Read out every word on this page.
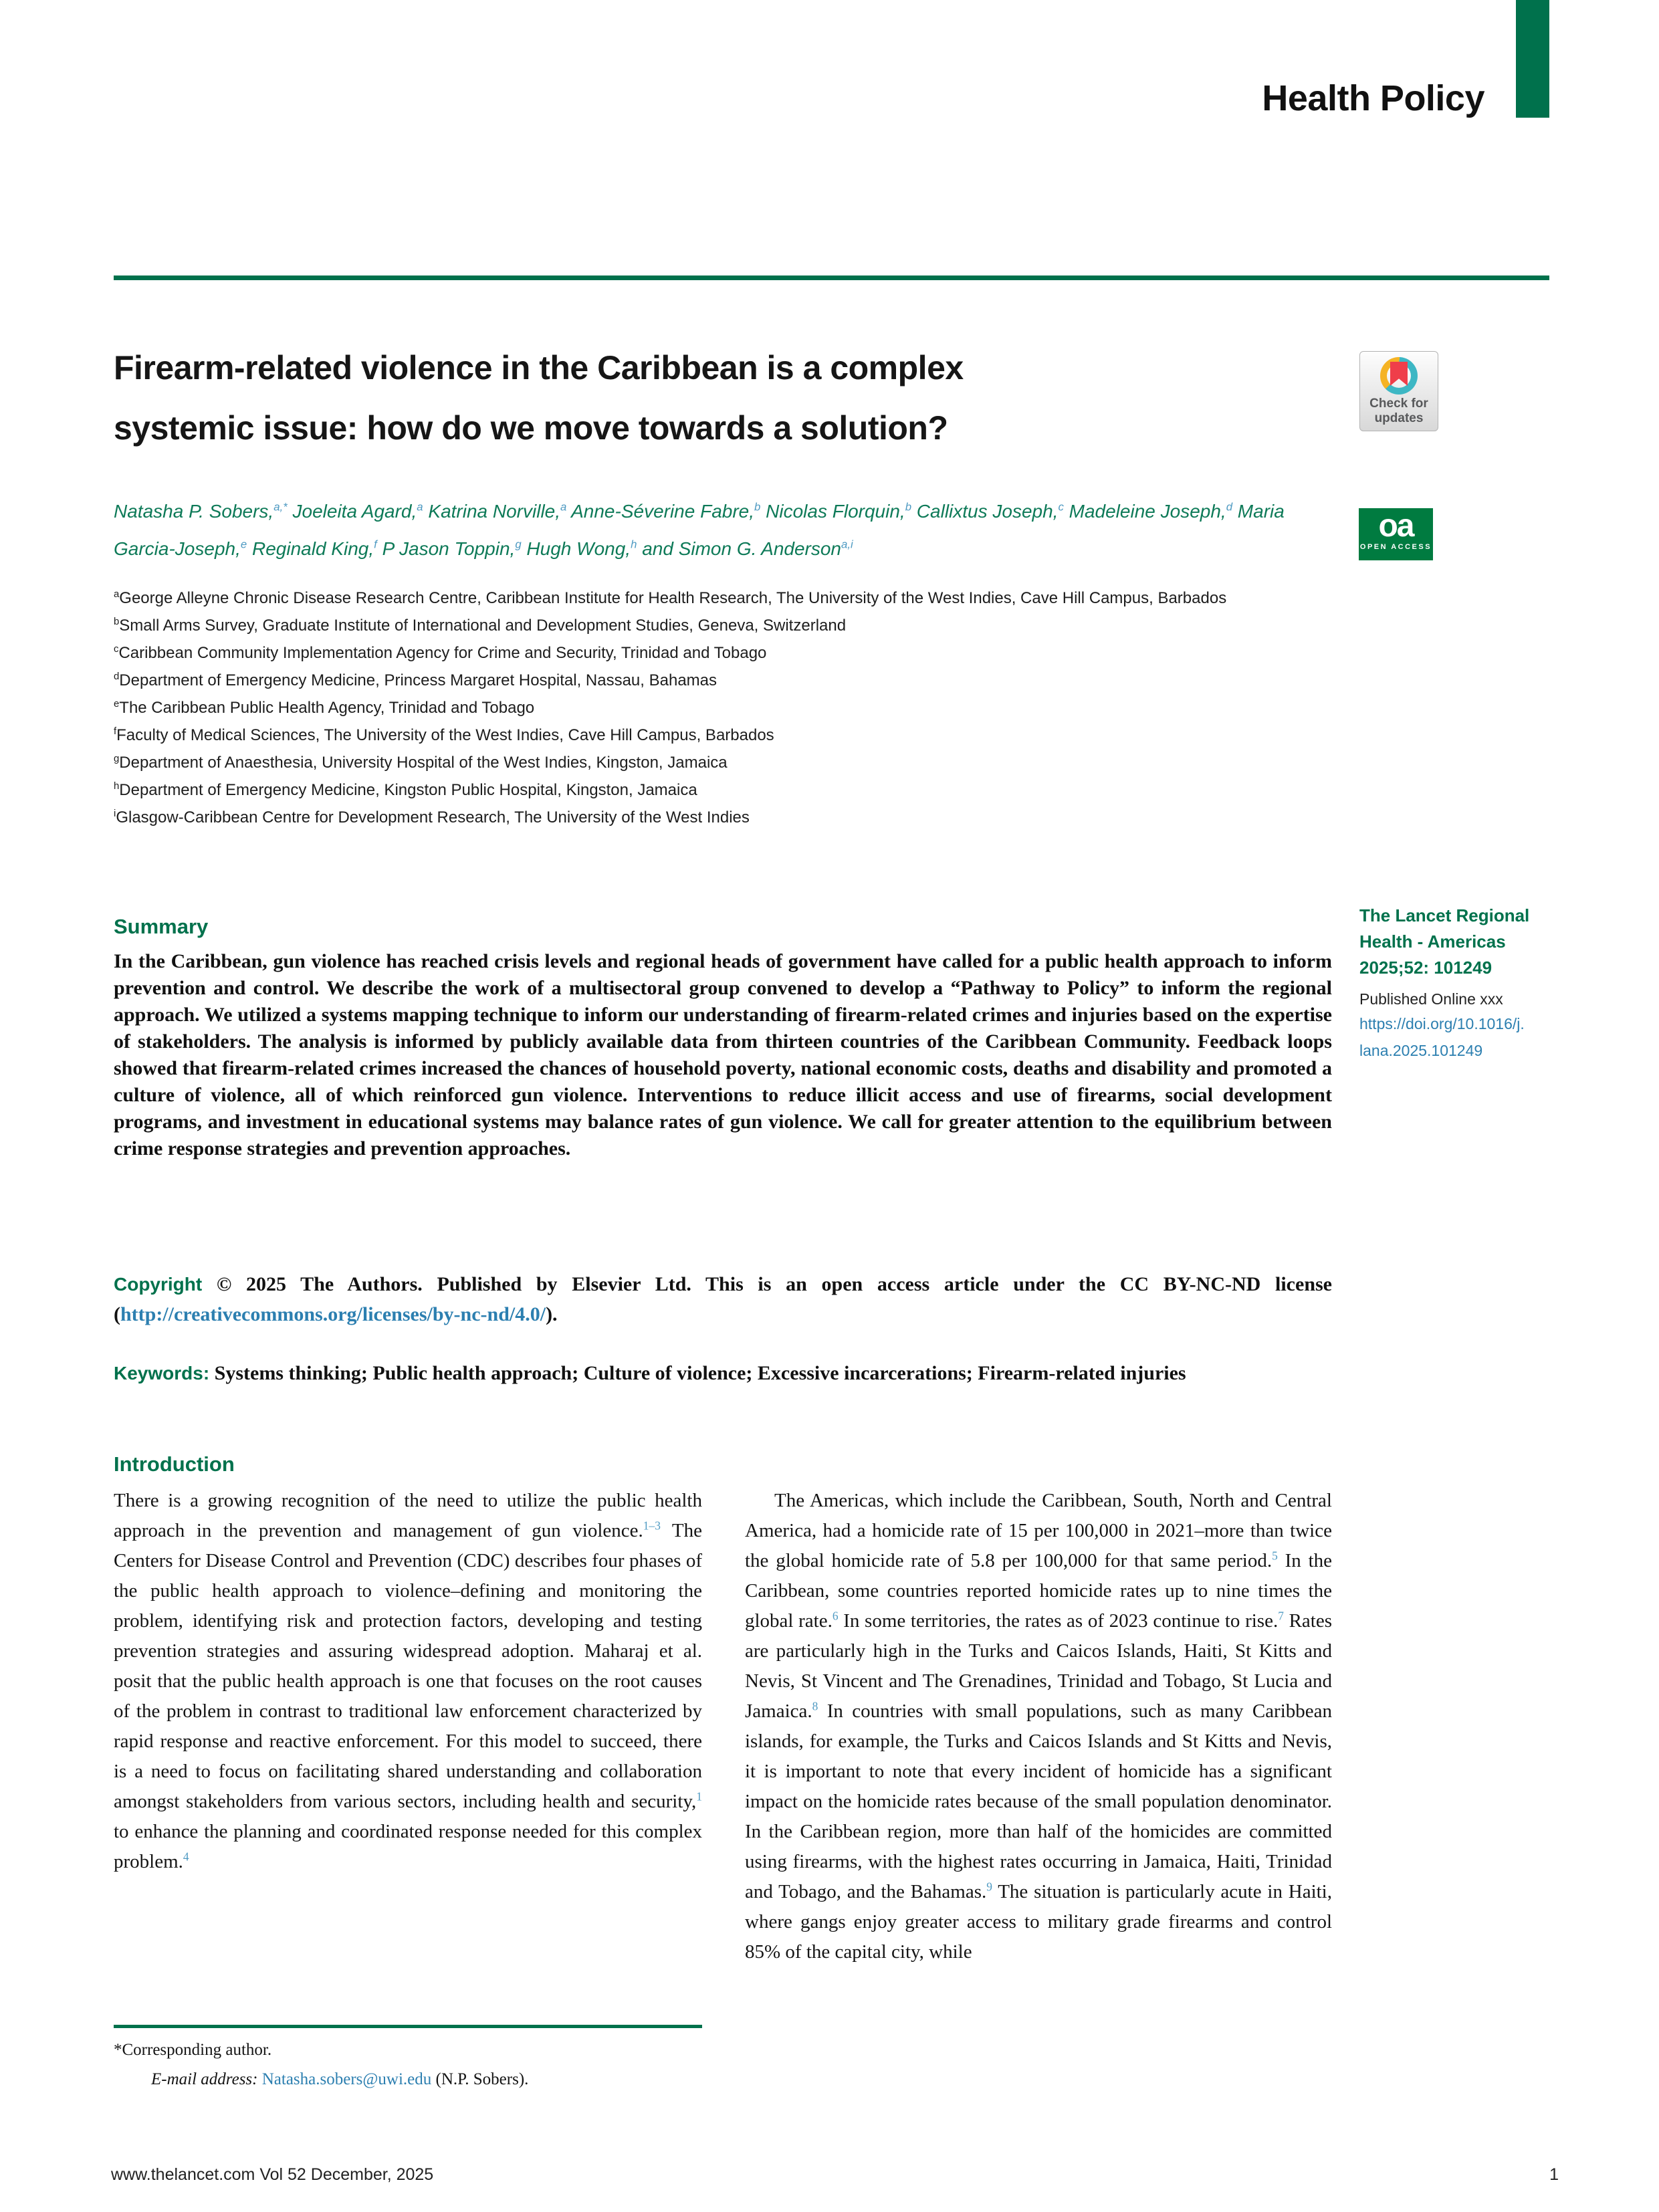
Health Policy
Check for
updates
oa
OPEN ACCESS
Firearm-related violence in the Caribbean is a complex
systemic issue: how do we move towards a solution?
Natasha P. Sobers,$^{a,*}$ Joeleita Agard,$^a$ Katrina Norville,$^a$ Anne-Séverine Fabre,$^b$ Nicolas Florquin,$^b$ Callixtus Joseph,$^c$ Madeleine Joseph,$^d$ Maria Garcia-Joseph,$^e$ Reginald King,$^f$ P Jason Toppin,$^g$ Hugh Wong,$^h$ and Simon G. Anderson$^{a,i}$
$^a$George Alleyne Chronic Disease Research Centre, Caribbean Institute for Health Research, The University of the West Indies, Cave Hill Campus, Barbados
$^b$Small Arms Survey, Graduate Institute of International and Development Studies, Geneva, Switzerland
$^c$Caribbean Community Implementation Agency for Crime and Security, Trinidad and Tobago
$^d$Department of Emergency Medicine, Princess Margaret Hospital, Nassau, Bahamas
$^e$The Caribbean Public Health Agency, Trinidad and Tobago
$^f$Faculty of Medical Sciences, The University of the West Indies, Cave Hill Campus, Barbados
$^g$Department of Anaesthesia, University Hospital of the West Indies, Kingston, Jamaica
$^h$Department of Emergency Medicine, Kingston Public Hospital, Kingston, Jamaica
$^i$Glasgow-Caribbean Centre for Development Research, The University of the West Indies
Summary
In the Caribbean, gun violence has reached crisis levels and regional heads of government have called for a public health approach to inform prevention and control. We describe the work of a multisectoral group convened to develop a “Pathway to Policy” to inform the regional approach. We utilized a systems mapping technique to inform our understanding of firearm-related crimes and injuries based on the expertise of stakeholders. The analysis is informed by publicly available data from thirteen countries of the Caribbean Community. Feedback loops showed that firearm-related crimes increased the chances of household poverty, national economic costs, deaths and disability and promoted a culture of violence, all of which reinforced gun violence. Interventions to reduce illicit access and use of firearms, social development programs, and investment in educational systems may balance rates of gun violence. We call for greater attention to the equilibrium between crime response strategies and prevention approaches.
The Lancet Regional Health - Americas
2025;52: 101249
Published Online xxx
https://doi.org/10.1016/j.lana.2025.101249
Copyright © 2025 The Authors. Published by Elsevier Ltd. This is an open access article under the CC BY-NC-ND license (http://creativecommons.org/licenses/by-nc-nd/4.0/).
Keywords: Systems thinking; Public health approach; Culture of violence; Excessive incarcerations; Firearm-related injuries
Introduction
There is a growing recognition of the need to utilize the public health approach in the prevention and management of gun violence.$^{1-3}$ The Centers for Disease Control and Prevention (CDC) describes four phases of the public health approach to violence–defining and monitoring the problem, identifying risk and protection factors, developing and testing prevention strategies and assuring widespread adoption. Maharaj et al. posit that the public health approach is one that focuses on the root causes of the problem in contrast to traditional law enforcement characterized by rapid response and reactive enforcement. For this model to succeed, there is a need to focus on facilitating shared understanding and collaboration amongst stakeholders from various sectors, including health and security,$^1$ to enhance the planning and coordinated response needed for this complex problem.$^4$
The Americas, which include the Caribbean, South, North and Central America, had a homicide rate of 15 per 100,000 in 2021–more than twice the global homicide rate of 5.8 per 100,000 for that same period.$^5$ In the Caribbean, some countries reported homicide rates up to nine times the global rate.$^6$ In some territories, the rates as of 2023 continue to rise.$^7$ Rates are particularly high in the Turks and Caicos Islands, Haiti, St Kitts and Nevis, St Vincent and The Grenadines, Trinidad and Tobago, St Lucia and Jamaica.$^8$ In countries with small populations, such as many Caribbean islands, for example, the Turks and Caicos Islands and St Kitts and Nevis, it is important to note that every incident of homicide has a significant impact on the homicide rates because of the small population denominator. In the Caribbean region, more than half of the homicides are committed using firearms, with the highest rates occurring in Jamaica, Haiti, Trinidad and Tobago, and the Bahamas.$^9$ The situation is particularly acute in Haiti, where gangs enjoy greater access to military grade firearms and control 85% of the capital city, while
*Corresponding author.
E-mail address: Natasha.sobers@uwi.edu (N.P. Sobers).
www.thelancet.com Vol 52 December, 2025	1
